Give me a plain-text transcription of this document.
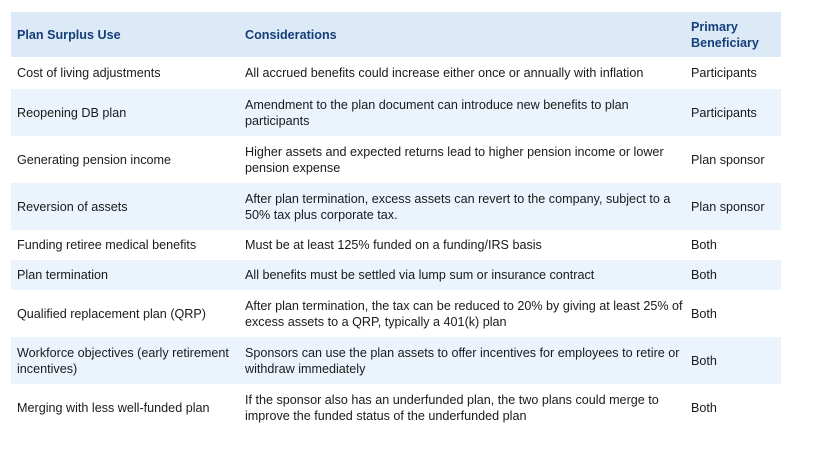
Plan Surplus Use	Considerations	Primary Beneficiary
Cost of living adjustments	All accrued benefits could increase either once or annually with inflation	Participants
Reopening DB plan	Amendment to the plan document can introduce new benefits to plan participants	Participants
Generating pension income	Higher assets and expected returns lead to higher pension income or lower pension expense	Plan sponsor
Reversion of assets	After plan termination, excess assets can revert to the company, subject to a 50% tax plus corporate tax.	Plan sponsor
Funding retiree medical benefits	Must be at least 125% funded on a funding/IRS basis	Both
Plan termination	All benefits must be settled via lump sum or insurance contract	Both
Qualified replacement plan (QRP)	After plan termination, the tax can be reduced to 20% by giving at least 25% of excess assets to a QRP, typically a 401(k) plan	Both
Workforce objectives (early retirement incentives)	Sponsors can use the plan assets to offer incentives for employees to retire or withdraw immediately	Both
Merging with less well-funded plan	If the sponsor also has an underfunded plan, the two plans could merge to improve the funded status of the underfunded plan	Both
